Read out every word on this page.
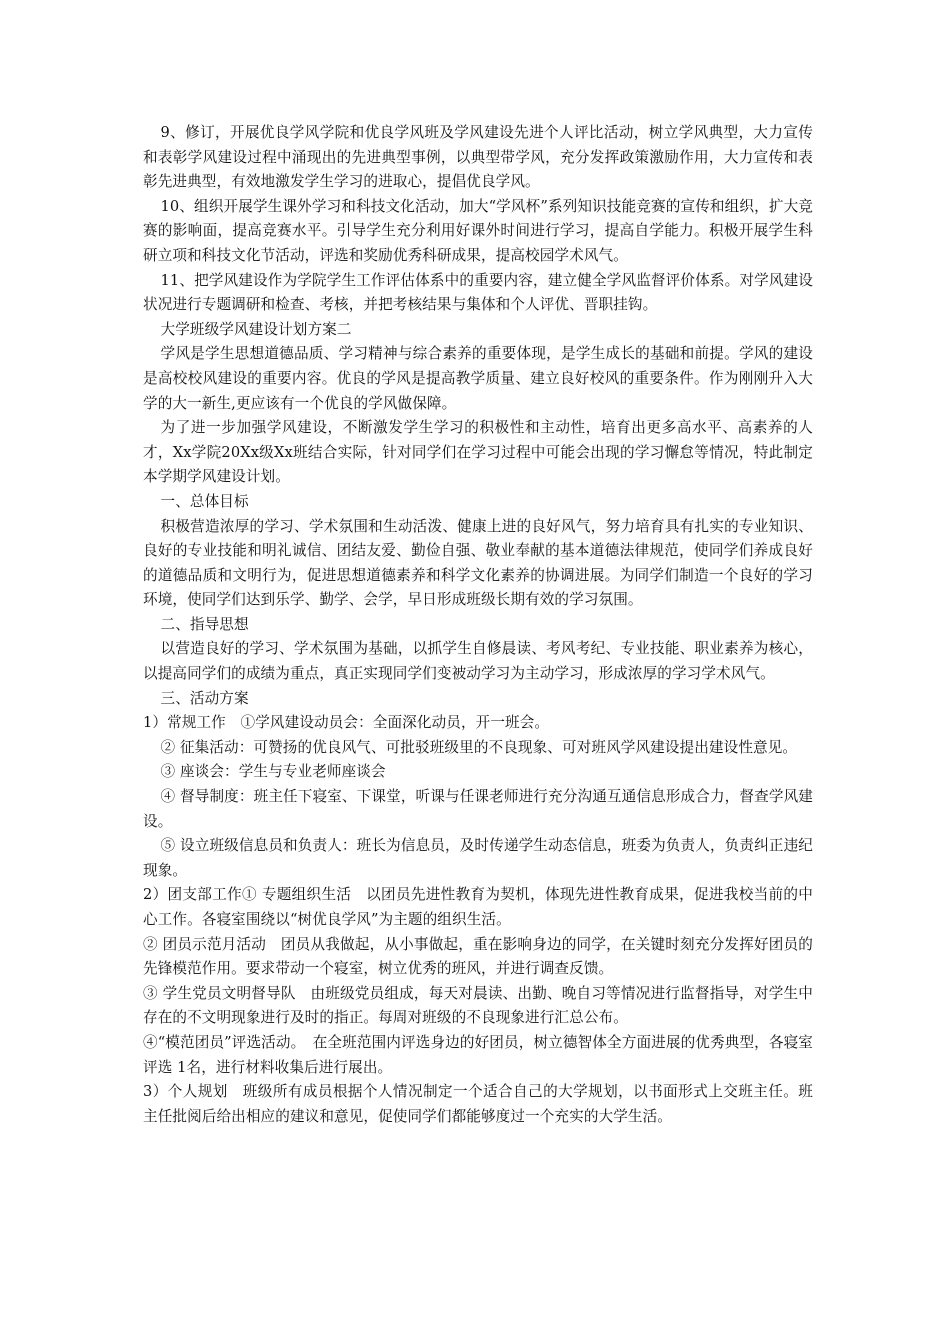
9、修订，开展优良学风学院和优良学风班及学风建设先进个人评比活动，树立学风典型，大力宣传和表彰学风建设过程中涌现出的先进典型事例，以典型带学风，充分发挥政策激励作用，大力宣传和表彰先进典型，有效地激发学生学习的进取心，提倡优良学风。

10、组织开展学生课外学习和科技文化活动，加大“学风杯”系列知识技能竞赛的宣传和组织，扩大竞赛的影响面，提高竞赛水平。引导学生充分利用好课外时间进行学习，提高自学能力。积极开展学生科研立项和科技文化节活动，评选和奖励优秀科研成果，提高校园学术风气。

11、把学风建设作为学院学生工作评估体系中的重要内容，建立健全学风监督评价体系。对学风建设状况进行专题调研和检查、考核，并把考核结果与集体和个人评优、晋职挂钩。

大学班级学风建设计划方案二

学风是学生思想道德品质、学习精神与综合素养的重要体现，是学生成长的基础和前提。学风的建设是高校校风建设的重要内容。优良的学风是提高教学质量、建立良好校风的重要条件。作为刚刚升入大学的大一新生,更应该有一个优良的学风做保障。

为了进一步加强学风建设，不断激发学生学习的积极性和主动性，培育出更多高水平、高素养的人才，Xx学院20Xx级Xx班结合实际，针对同学们在学习过程中可能会出现的学习懈怠等情况，特此制定本学期学风建设计划。

一、总体目标

积极营造浓厚的学习、学术氛围和生动活泼、健康上进的良好风气，努力培育具有扎实的专业知识、良好的专业技能和明礼诚信、团结友爱、勤俭自强、敬业奉献的基本道德法律规范，使同学们养成良好的道德品质和文明行为，促进思想道德素养和科学文化素养的协调进展。为同学们制造一个良好的学习环境，使同学们达到乐学、勤学、会学，早日形成班级长期有效的学习氛围。

二、指导思想

以营造良好的学习、学术氛围为基础，以抓学生自修晨读、考风考纪、专业技能、职业素养为核心，以提高同学们的成绩为重点，真正实现同学们变被动学习为主动学习，形成浓厚的学习学术风气。

三、活动方案

1）常规工作　①学风建设动员会：全面深化动员，开一班会。

② 征集活动：可赞扬的优良风气、可批驳班级里的不良现象、可对班风学风建设提出建设性意见。

③ 座谈会：学生与专业老师座谈会

④ 督导制度：班主任下寝室、下课堂，听课与任课老师进行充分沟通互通信息形成合力，督查学风建设。

⑤ 设立班级信息员和负责人：班长为信息员，及时传递学生动态信息，班委为负责人，负责纠正违纪现象。

2）团支部工作① 专题组织生活　以团员先进性教育为契机，体现先进性教育成果，促进我校当前的中心工作。各寝室围绕以“树优良学风”为主题的组织生活。

② 团员示范月活动　团员从我做起，从小事做起，重在影响身边的同学，在关键时刻充分发挥好团员的先锋模范作用。要求带动一个寝室，树立优秀的班风，并进行调查反馈。

③ 学生党员文明督导队　由班级党员组成，每天对晨读、出勤、晚自习等情况进行监督指导，对学生中存在的不文明现象进行及时的指正。每周对班级的不良现象进行汇总公布。

④“模范团员”评选活动。　在全班范围内评选身边的好团员，树立德智体全方面进展的优秀典型，各寝室评选 1名，进行材料收集后进行展出。

3）个人规划　班级所有成员根据个人情况制定一个适合自己的大学规划，以书面形式上交班主任。班主任批阅后给出相应的建议和意见，促使同学们都能够度过一个充实的大学生活。
